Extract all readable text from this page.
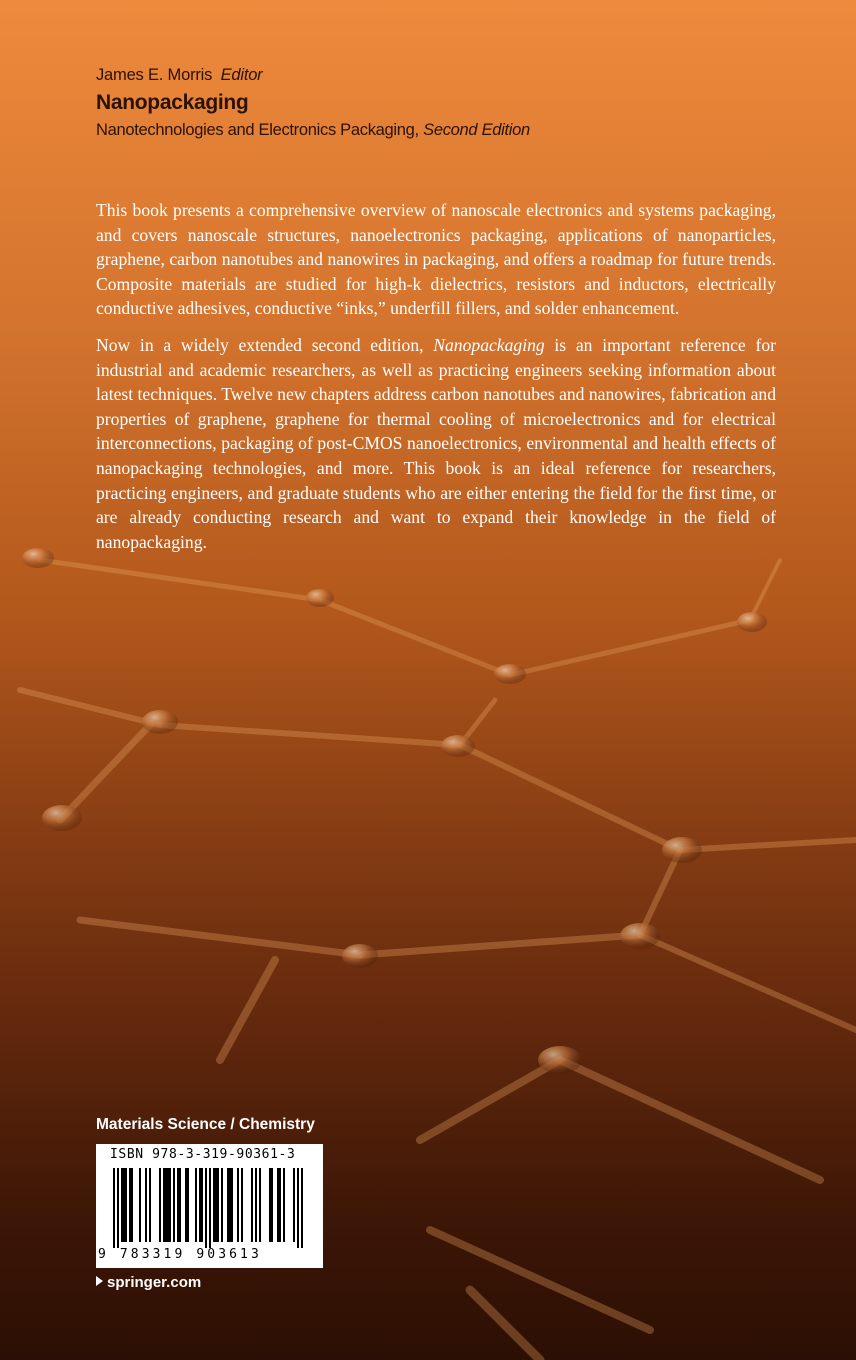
James E. Morris Editor
Nanopackaging
Nanotechnologies and Electronics Packaging, Second Edition

This book presents a comprehensive overview of nanoscale electronics and systems packaging, and covers nanoscale structures, nanoelectronics packaging, applications of nanoparticles, graphene, carbon nanotubes and nanowires in packaging, and offers a roadmap for future trends. Composite materials are studied for high-k dielectrics, resistors and inductors, electrically conductive adhesives, conductive “inks,” underfill fillers, and solder enhancement.

Now in a widely extended second edition, Nanopackaging is an important reference for industrial and academic researchers, as well as practicing engineers seeking information about latest techniques. Twelve new chapters address carbon nanotubes and nanowires, fabrication and properties of graphene, graphene for thermal cooling of microelectronics and for electrical interconnections, packaging of post-CMOS nanoelectronics, environmental and health effects of nanopackaging technologies, and more. This book is an ideal reference for researchers, practicing engineers, and graduate students who are either entering the field for the first time, or are already conducting research and want to expand their knowledge in the field of nanopackaging.

Materials Science / Chemistry
ISBN 978-3-319-90361-3
9 783319 903613
springer.com
